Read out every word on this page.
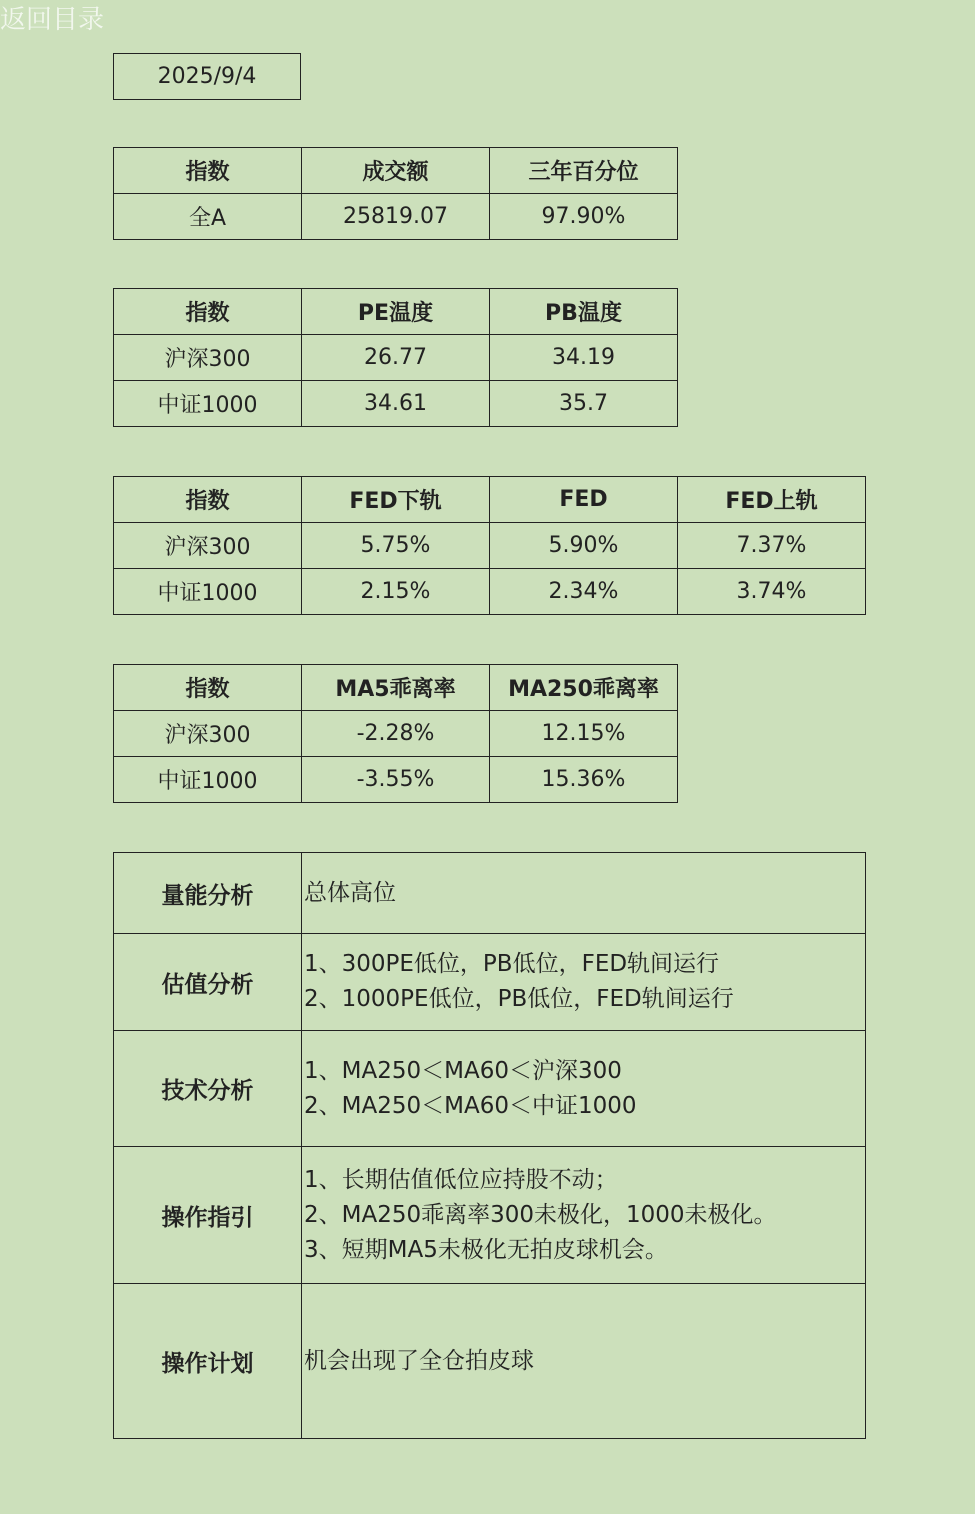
返回目录
2025/9/4
指数	成交额	三年百分位
全A	25819.07	97.90%
指数	PE温度	PB温度
沪深300	26.77	34.19
中证1000	34.61	35.7
指数	FED下轨	FED	FED上轨
沪深300	5.75%	5.90%	7.37%
中证1000	2.15%	2.34%	3.74%
指数	MA5乖离率	MA250乖离率
沪深300	-2.28%	12.15%
中证1000	-3.55%	15.36%
量能分析	总体高位

估值分析	1、300PE低位，PB低位，FED轨间运行
2、1000PE低位，PB低位，FED轨间运行

技术分析	1、MA250＜MA60＜沪深300
2、MA250＜MA60＜中证1000

操作指引	1、长期估值低位应持股不动；
2、MA250乖离率300未极化，1000未极化。
3、短期MA5未极化无拍皮球机会。

操作计划	机会出现了全仓拍皮球
